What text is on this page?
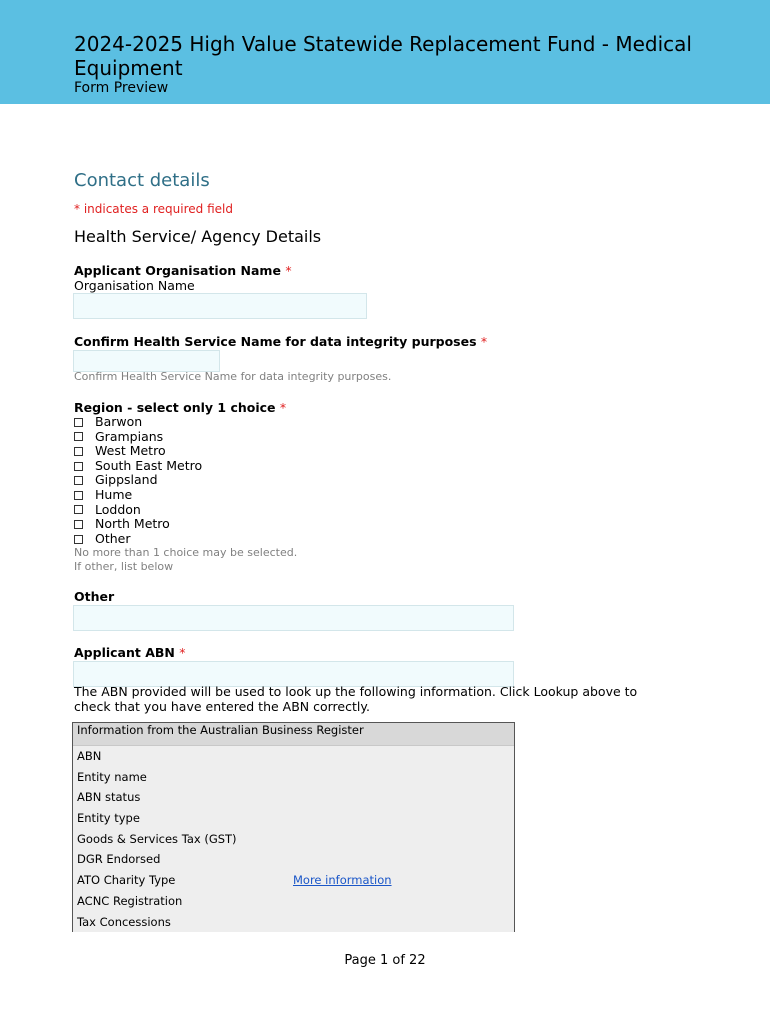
2024-2025 High Value Statewide Replacement Fund - Medical Equipment
Form Preview
Contact details
* indicates a required field
Health Service/ Agency Details
Applicant Organisation Name *
Organisation Name
Confirm Health Service Name for data integrity purposes *
Confirm Health Service Name for data integrity purposes.
Region - select only 1 choice *
Barwon
Grampians
West Metro
South East Metro
Gippsland
Hume
Loddon
North Metro
Other
No more than 1 choice may be selected.
If other, list below
Other
Applicant ABN *
The ABN provided will be used to look up the following information. Click Lookup above to check that you have entered the ABN correctly.
Information from the Australian Business Register
ABN
Entity name
ABN status
Entity type
Goods & Services Tax (GST)
DGR Endorsed
ATO Charity Type	More information
ACNC Registration
Tax Concessions
Page 1 of 22
